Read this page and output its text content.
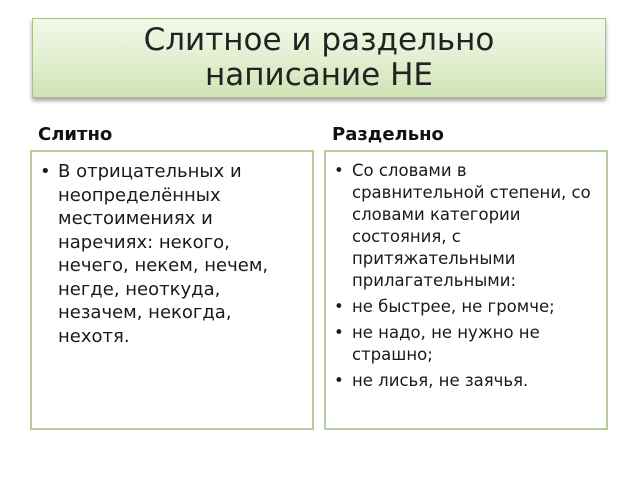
Слитное и раздельно написание НЕ
Слитно	Раздельно
• В отрицательных и неопределённых местоимениях и наречиях: некого, нечего, некем, нечем, негде, неоткуда, незачем, некогда, нехотя.
• Со словами в сравнительной степени, со словами категории состояния, с притяжательными прилагательными:
• не быстрее, не громче;
• не надо, не нужно не страшно;
• не лисья, не заячья.
